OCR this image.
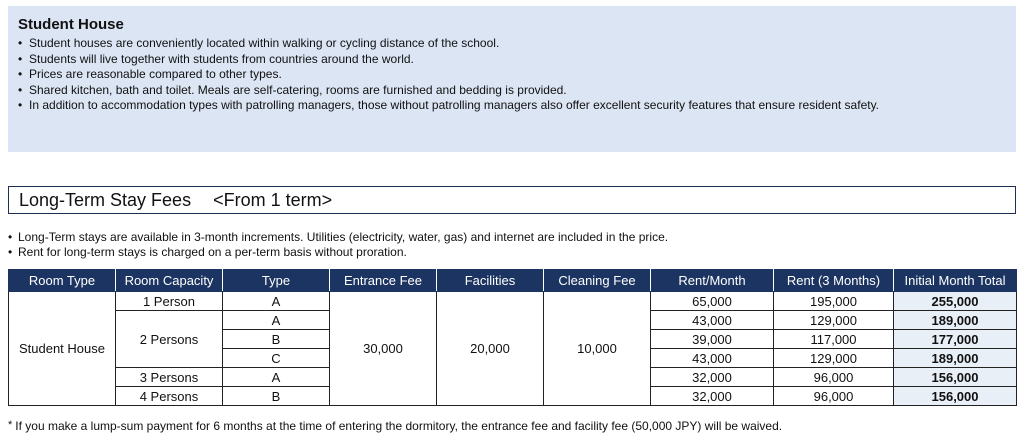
Student House
• Student houses are conveniently located within walking or cycling distance of the school.
• Students will live together with students from countries around the world.
• Prices are reasonable compared to other types.
• Shared kitchen, bath and toilet. Meals are self-catering, rooms are furnished and bedding is provided.
• In addition to accommodation types with patrolling managers, those without patrolling managers also offer excellent security features that ensure resident safety.
Long-Term Stay Fees <From 1 term>
• Long-Term stays are available in 3-month increments. Utilities (electricity, water, gas) and internet are included in the price.
• Rent for long-term stays is charged on a per-term basis without proration.
Room Type	Room Capacity	Type	Entrance Fee	Facilities	Cleaning Fee	Rent/Month	Rent (3 Months)	Initial Month Total
Student House	1 Person	A	30,000	20,000	10,000	65,000	195,000	255,000
	2 Persons	A				43,000	129,000	189,000
		B				39,000	117,000	177,000
		C				43,000	129,000	189,000
	3 Persons	A				32,000	96,000	156,000
	4 Persons	B				32,000	96,000	156,000
* If you make a lump-sum payment for 6 months at the time of entering the dormitory, the entrance fee and facility fee (50,000 JPY) will be waived.
